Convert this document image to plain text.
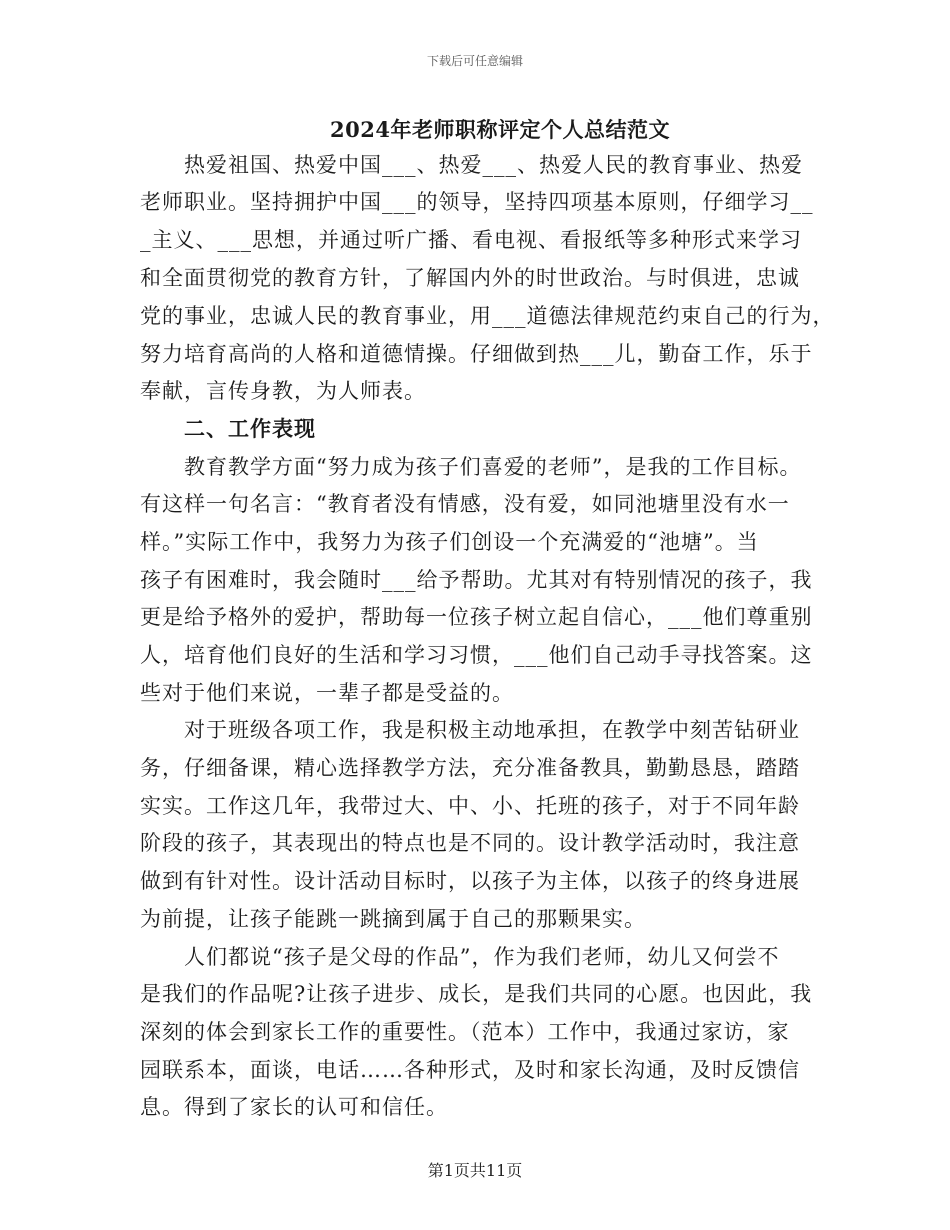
下载后可任意编辑
2024年老师职称评定个人总结范文
热爱祖国、热爱中国___、热爱___、热爱人民的教育事业、热爱
老师职业。坚持拥护中国___的领导，坚持四项基本原则，仔细学习__
_主义、___思想，并通过听广播、看电视、看报纸等多种形式来学习
和全面贯彻党的教育方针，了解国内外的时世政治。与时俱进，忠诚
党的事业，忠诚人民的教育事业，用___道德法律规范约束自己的行为，
努力培育高尚的人格和道德情操。仔细做到热___儿，勤奋工作，乐于
奉献，言传身教，为人师表。
二、工作表现
教育教学方面“努力成为孩子们喜爱的老师”，是我的工作目标。
有这样一句名言：“教育者没有情感，没有爱，如同池塘里没有水一
样。”实际工作中，我努力为孩子们创设一个充满爱的“池塘”。当
孩子有困难时，我会随时___给予帮助。尤其对有特别情况的孩子，我
更是给予格外的爱护，帮助每一位孩子树立起自信心，___他们尊重别
人，培育他们良好的生活和学习习惯，___他们自己动手寻找答案。这
些对于他们来说，一辈子都是受益的。
对于班级各项工作，我是积极主动地承担，在教学中刻苦钻研业
务，仔细备课，精心选择教学方法，充分准备教具，勤勤恳恳，踏踏
实实。工作这几年，我带过大、中、小、托班的孩子，对于不同年龄
阶段的孩子，其表现出的特点也是不同的。设计教学活动时，我注意
做到有针对性。设计活动目标时，以孩子为主体，以孩子的终身进展
为前提，让孩子能跳一跳摘到属于自己的那颗果实。
人们都说“孩子是父母的作品”，作为我们老师，幼儿又何尝不
是我们的作品呢?让孩子进步、成长，是我们共同的心愿。也因此，我
深刻的体会到家长工作的重要性。（范本）工作中，我通过家访，家
园联系本，面谈，电话……各种形式，及时和家长沟通，及时反馈信
息。得到了家长的认可和信任。
第1页共11页
